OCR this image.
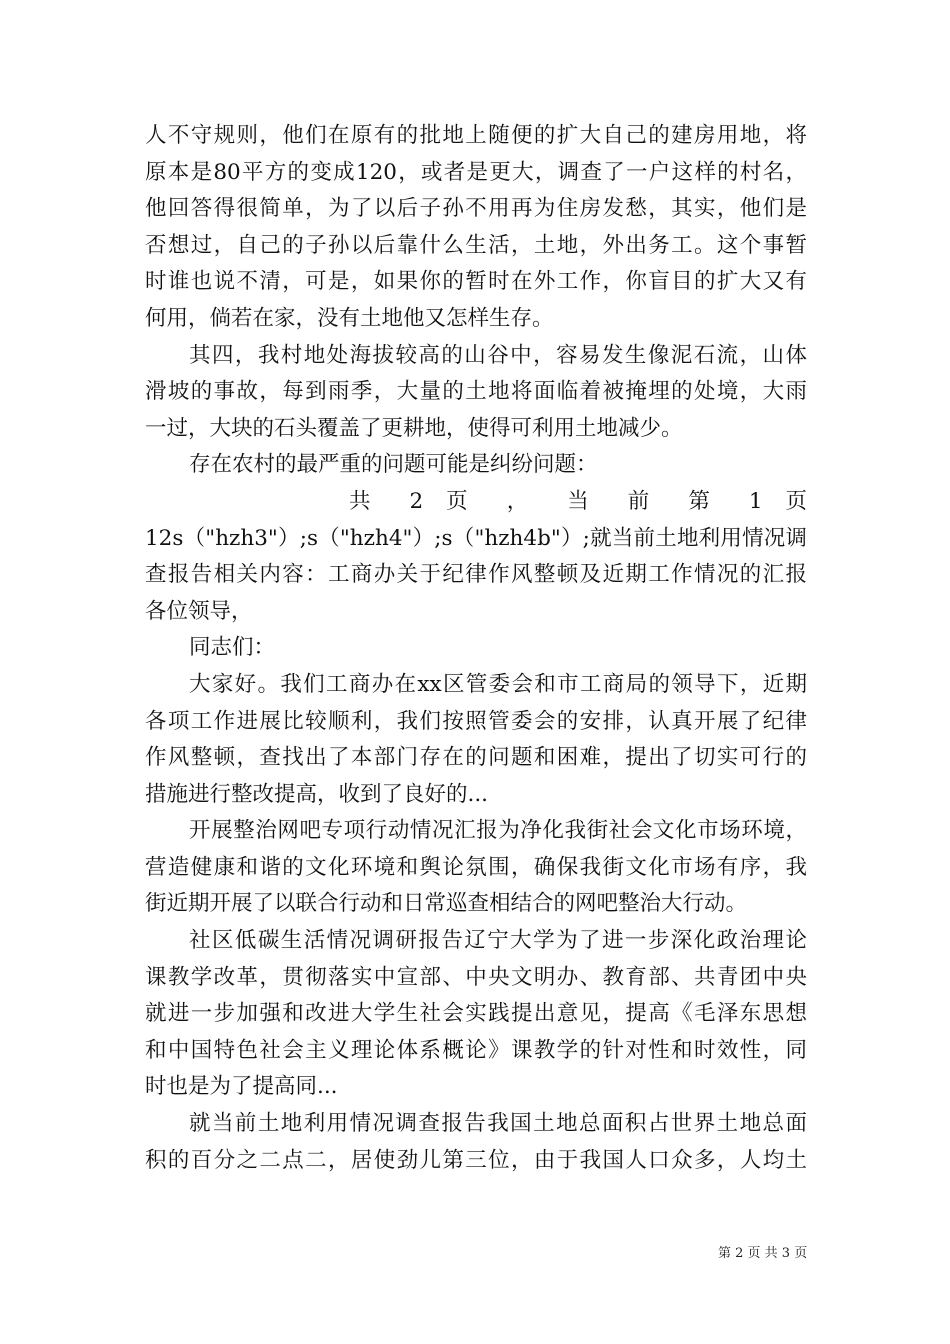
人不守规则，他们在原有的批地上随便的扩大自己的建房用地，将
原本是80平方的变成120，或者是更大，调查了一户这样的村名，
他回答得很简单，为了以后子孙不用再为住房发愁，其实，他们是
否想过，自己的子孙以后靠什么生活，土地，外出务工。这个事暂
时谁也说不清，可是，如果你的暂时在外工作，你盲目的扩大又有
何用，倘若在家，没有土地他又怎样生存。
其四，我村地处海拔较高的山谷中，容易发生像泥石流，山体
滑坡的事故，每到雨季，大量的土地将面临着被掩埋的处境，大雨
一过，大块的石头覆盖了更耕地，使得可利用土地减少。
存在农村的最严重的问题可能是纠纷问题：
共 2 页 ， 当 前 第 1 页
12s（"hzh3"）;s（"hzh4"）;s（"hzh4b"）;就当前土地利用情况调
查报告相关内容：工商办关于纪律作风整顿及近期工作情况的汇报
各位领导，
同志们：
大家好。我们工商办在xx区管委会和市工商局的领导下，近期
各项工作进展比较顺利，我们按照管委会的安排，认真开展了纪律
作风整顿，查找出了本部门存在的问题和困难，提出了切实可行的
措施进行整改提高，收到了良好的...
开展整治网吧专项行动情况汇报为净化我街社会文化市场环境，
营造健康和谐的文化环境和舆论氛围，确保我街文化市场有序，我
街近期开展了以联合行动和日常巡查相结合的网吧整治大行动。
社区低碳生活情况调研报告辽宁大学为了进一步深化政治理论
课教学改革，贯彻落实中宣部、中央文明办、教育部、共青团中央
就进一步加强和改进大学生社会实践提出意见，提高《毛泽东思想
和中国特色社会主义理论体系概论》课教学的针对性和时效性，同
时也是为了提高同...
就当前土地利用情况调查报告我国土地总面积占世界土地总面
积的百分之二点二，居使劲儿第三位，由于我国人口众多，人均土
第 2 页 共 3 页
